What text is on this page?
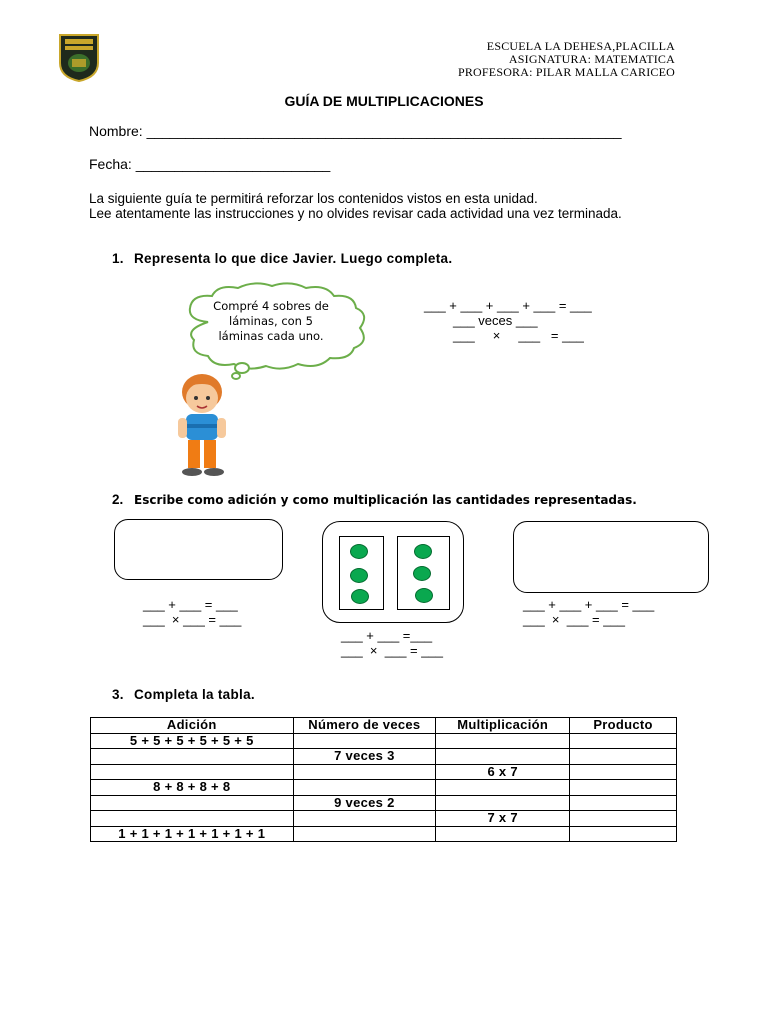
ESCUELA LA DEHESA,PLACILLA
ASIGNATURA: MATEMATICA
PROFESORA: PILAR MALLA CARICEO
GUÍA DE MULTIPLICACIONES
Nombre: _____________________________________________________________
Fecha: _________________________
La siguiente guía te permitirá reforzar los contenidos vistos en esta unidad.
Lee atentamente las instrucciones y no olvides revisar cada actividad una vez terminada.
1. Representa lo que dice Javier. Luego completa.
Compré 4 sobres de láminas, con 5 láminas cada uno.
___ + ___ + ___ + ___ = ___
___ veces ___
___     ×     ___   = ___
2. Escribe como adición y como multiplicación las cantidades representadas.
___ + ___ = ___
___  × ___ = ___
___ + ___ =___
___  ×  ___ = ___
___ + ___ + ___ = ___
___  ×  ___ = ___
3. Completa la tabla.
Adición	Número de veces	Multiplicación	Producto
5 + 5 + 5 + 5 + 5 + 5			
	7 veces 3		
		6 x 7	
8 + 8 + 8 + 8			
	9 veces 2		
		7 x 7	
1 + 1 + 1 + 1 + 1 + 1 + 1			
